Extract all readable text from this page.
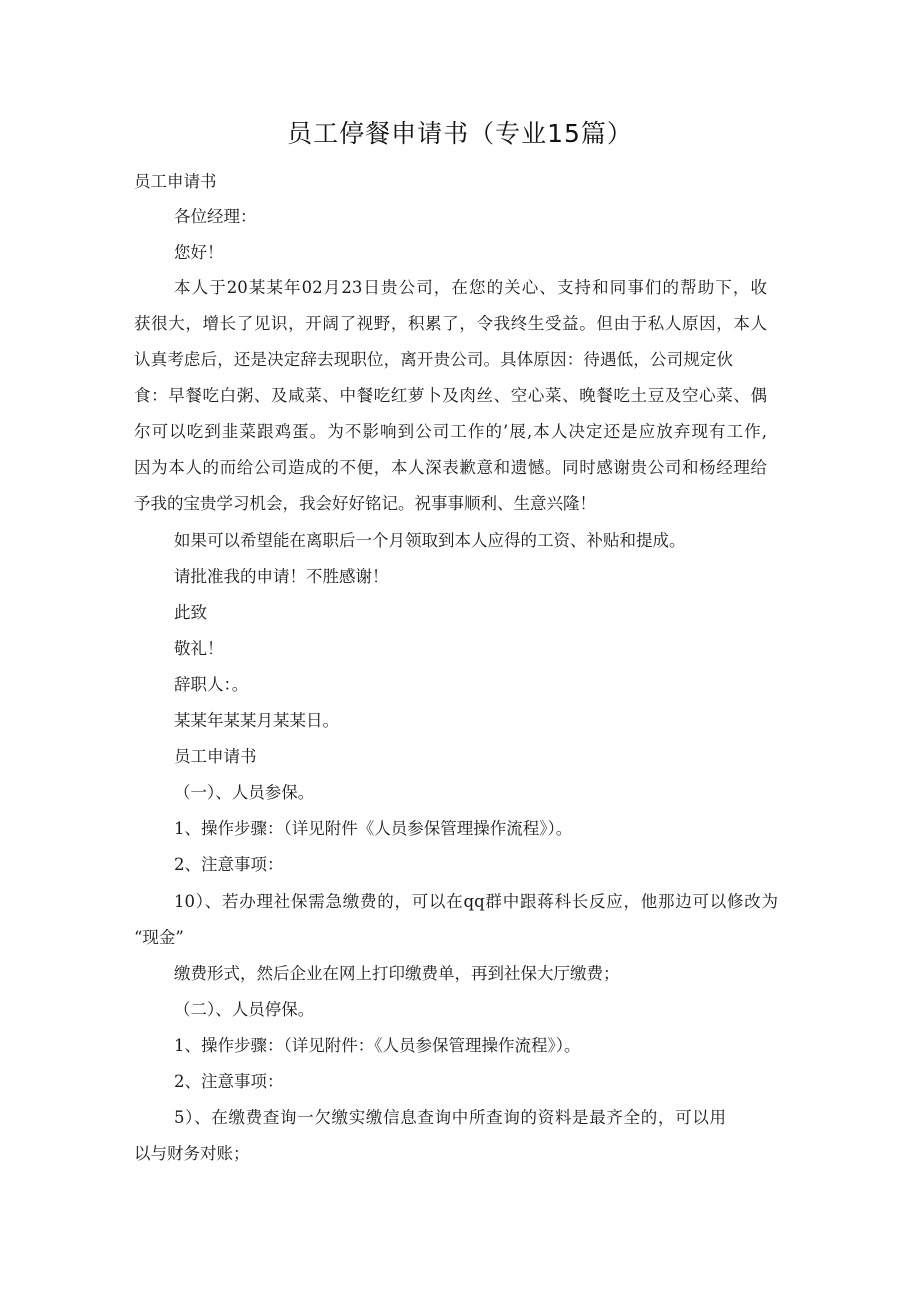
员工停餐申请书（专业15篇）
员工申请书
各位经理：
您好！
本人于20某某年02月23日贵公司，在您的关心、支持和同事们的帮助下，收
获很大，增长了见识，开阔了视野，积累了，令我终生受益。但由于私人原因，本人
认真考虑后，还是决定辞去现职位，离开贵公司。具体原因：待遇低，公司规定伙
食：早餐吃白粥、及咸菜、中餐吃红萝卜及肉丝、空心菜、晚餐吃土豆及空心菜、偶
尔可以吃到韭菜跟鸡蛋。为不影响到公司工作的’展,本人决定还是应放弃现有工作,
因为本人的而给公司造成的不便，本人深表歉意和遗憾。同时感谢贵公司和杨经理给
予我的宝贵学习机会，我会好好铭记。祝事事顺利、生意兴隆！
如果可以希望能在离职后一个月领取到本人应得的工资、补贴和提成。
请批准我的申请！不胜感谢！
此致
敬礼！
辞职人：。
某某年某某月某某日。
员工申请书
（一）、人员参保。
1、操作步骤：（详见附件《人员参保管理操作流程》）。
2、注意事项：
10）、若办理社保需急缴费的，可以在qq群中跟蒋科长反应，他那边可以修改为
“现金”
缴费形式，然后企业在网上打印缴费单，再到社保大厅缴费；
（二）、人员停保。
1、操作步骤：（详见附件：《人员参保管理操作流程》）。
2、注意事项：
5）、在缴费查询一欠缴实缴信息查询中所查询的资料是最齐全的，可以用
以与财务对账；
